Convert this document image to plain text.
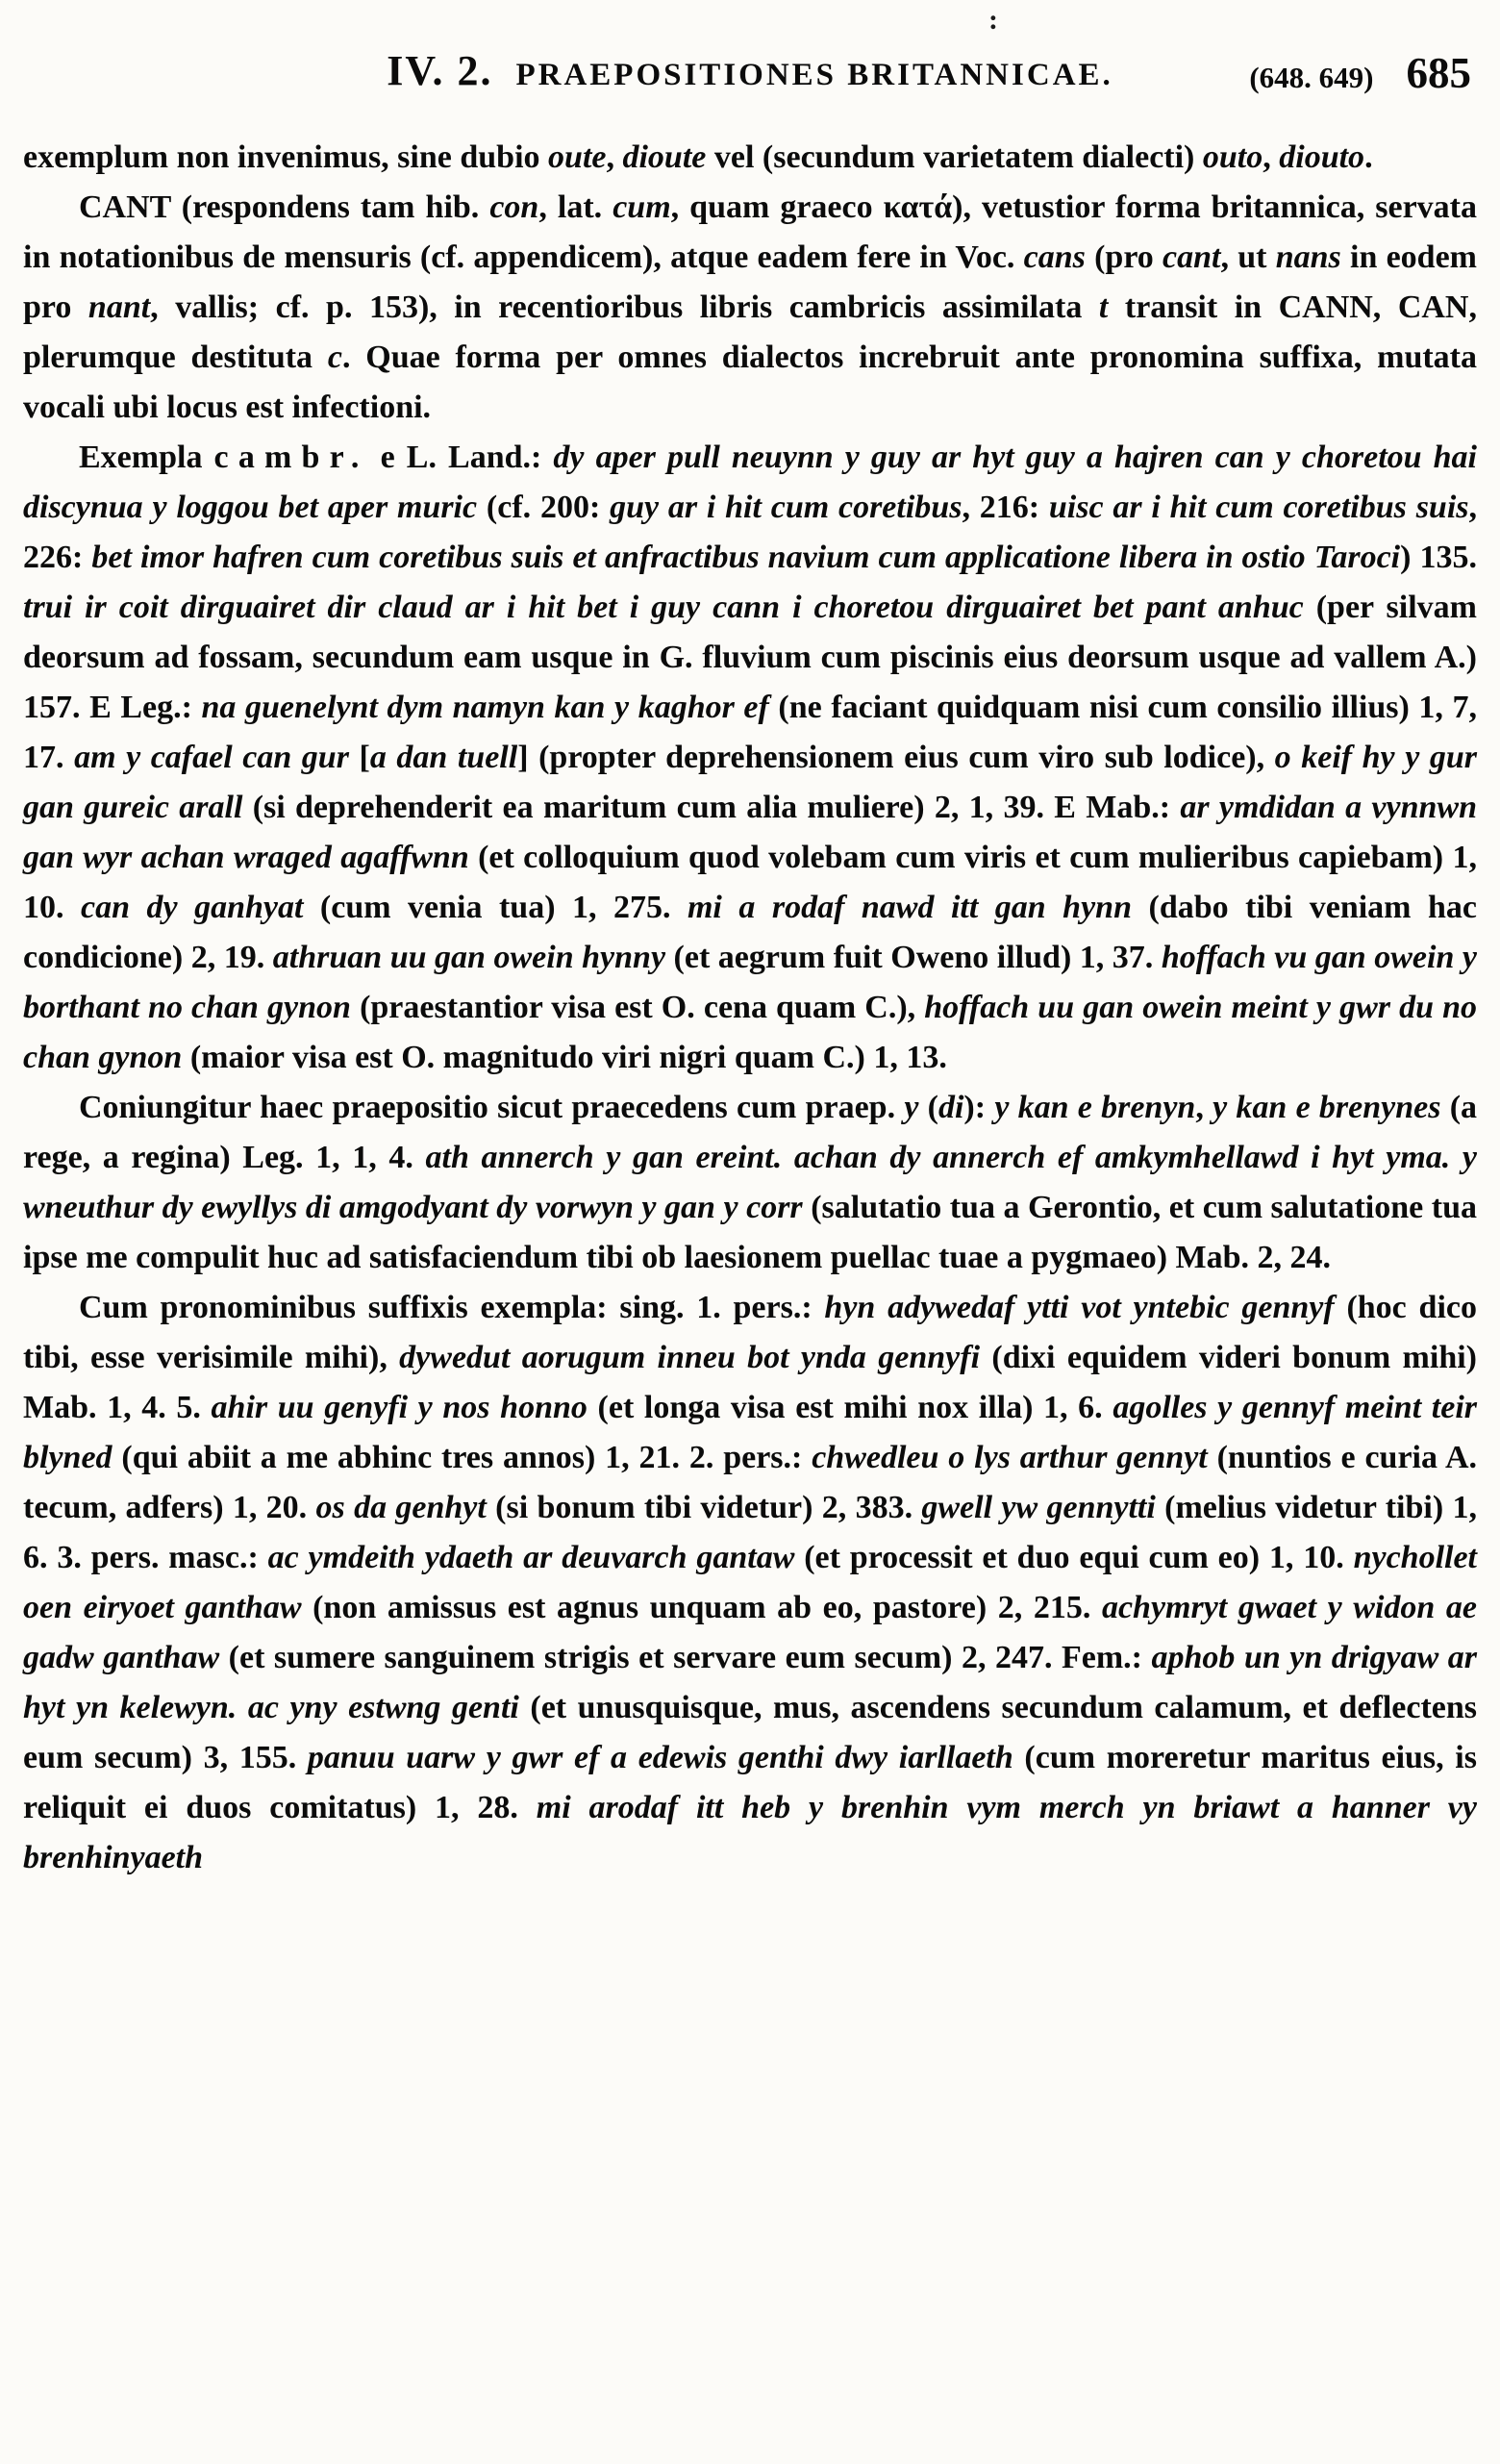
:
IV. 2. PRAEPOSITIONES BRITANNICAE.	(648. 649) 685

exemplum non invenimus, sine dubio oute, dioute vel (secundum varietatem dialecti) outo, diouto.

CANT (respondens tam hib. con, lat. cum, quam graeco κατά), vetustior forma britannica, servata in notationibus de mensuris (cf. appendicem), atque eadem fere in Voc. cans (pro cant, ut nans in eodem pro nant, vallis; cf. p. 153), in recentioribus libris cambricis assimilata t transit in CANN, CAN, plerumque destituta c. Quae forma per omnes dialectos increbruit ante pronomina suffixa, mutata vocali ubi locus est infectioni.

Exempla cambr. e L. Land.: dy aper pull neuynn y guy ar hyt guy a hajren can y choretou hai discynua y loggou bet aper muric (cf. 200: guy ar i hit cum coretibus, 216: uisc ar i hit cum coretibus suis, 226: bet imor hafren cum coretibus suis et anfractibus navium cum applicatione libera in ostio Taroci) 135. trui ir coit dirguairet dir claud ar i hit bet i guy cann i choretou dirguairet bet pant anhuc (per silvam deorsum ad fossam, secundum eam usque in G. fluvium cum piscinis eius deorsum usque ad vallem A.) 157. E Leg.: na guenelynt dym namyn kan y kaghor ef (ne faciant quidquam nisi cum consilio illius) 1, 7, 17. am y cafael can gur [a dan tuell] (propter deprehensionem eius cum viro sub lodice), o keif hy y gur gan gureic arall (si deprehenderit ea maritum cum alia muliere) 2, 1, 39. E Mab.: ar ymdidan a vynnwn gan wyr achan wraged agaffwnn (et colloquium quod volebam cum viris et cum mulieribus capiebam) 1, 10. can dy ganhyat (cum venia tua) 1, 275. mi a rodaf nawd itt gan hynn (dabo tibi veniam hac condicione) 2, 19. athruan uu gan owein hynny (et aegrum fuit Oweno illud) 1, 37. hoffach vu gan owein y borthant no chan gynon (praestantior visa est O. cena quam C.), hoffach uu gan owein meint y gwr du no chan gynon (maior visa est O. magnitudo viri nigri quam C.) 1, 13.

Coniungitur haec praepositio sicut praecedens cum praep. y (di): y kan e brenyn, y kan e brenynes (a rege, a regina) Leg. 1, 1, 4. ath annerch y gan ereint. achan dy annerch ef amkymhellawd i hyt yma. y wneuthur dy ewyllys di amgodyant dy vorwyn y gan y corr (salutatio tua a Gerontio, et cum salutatione tua ipse me compulit huc ad satisfaciendum tibi ob laesionem puellac tuae a pygmaeo) Mab. 2, 24.

Cum pronominibus suffixis exempla: sing. 1. pers.: hyn adywedaf ytti vot yntebic gennyf (hoc dico tibi, esse verisimile mihi), dywedut aorugum inneu bot ynda gennyfi (dixi equidem videri bonum mihi) Mab. 1, 4. 5. ahir uu genyfi y nos honno (et longa visa est mihi nox illa) 1, 6. agolles y gennyf meint teir blyned (qui abiit a me abhinc tres annos) 1, 21. 2. pers.: chwedleu o lys arthur gennyt (nuntios e curia A. tecum, adfers) 1, 20. os da genhyt (si bonum tibi videtur) 2, 383. gwell yw gennytti (melius videtur tibi) 1, 6. 3. pers. masc.: ac ymdeith ydaeth ar deuvarch gantaw (et processit et duo equi cum eo) 1, 10. nychollet oen eiryoet ganthaw (non amissus est agnus unquam ab eo, pastore) 2, 215. achymryt gwaet y widon ae gadw ganthaw (et sumere sanguinem strigis et servare eum secum) 2, 247. Fem.: aphob un yn drigyaw ar hyt yn kelewyn. ac yny estwng genti (et unusquisque, mus, ascendens secundum calamum, et deflectens eum secum) 3, 155. panuu uarw y gwr ef a edewis genthi dwy iarllaeth (cum moreretur maritus eius, is reliquit ei duos comitatus) 1, 28. mi arodaf itt heb y brenhin vym merch yn briawt a hanner vy brenhinyaeth
